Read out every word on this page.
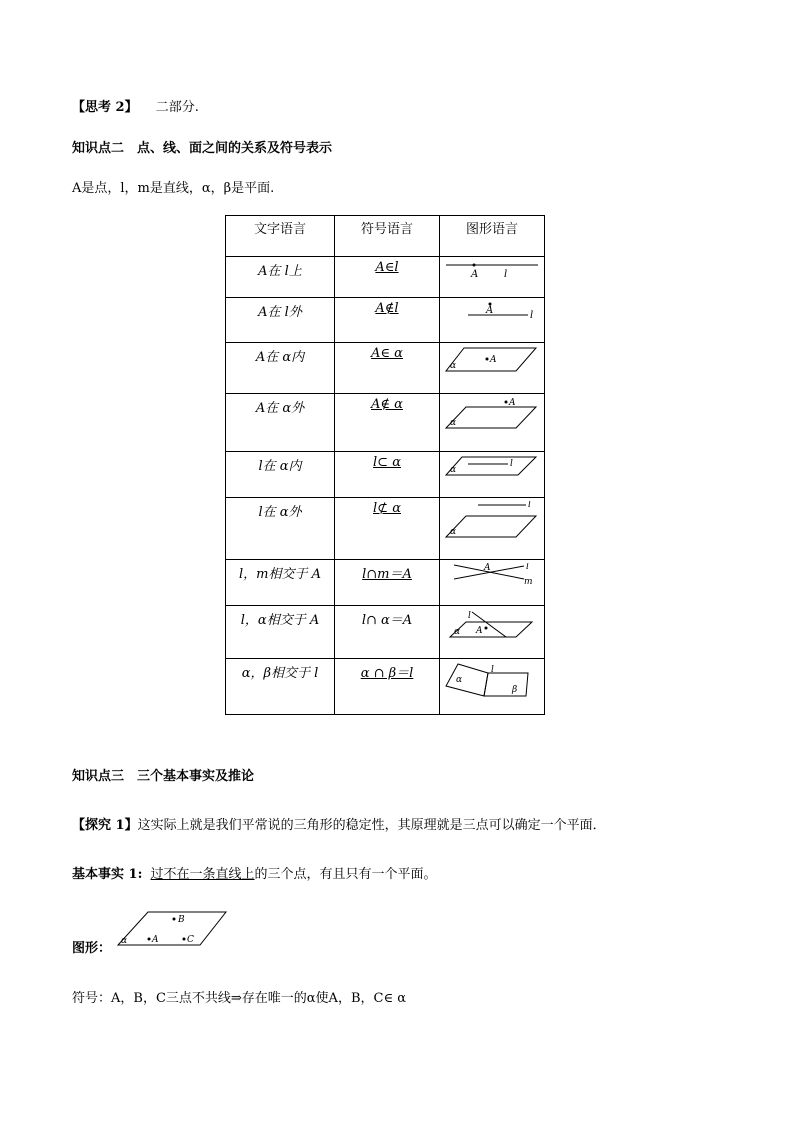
【思考 2】 二部分.
知识点二　点、线、面之间的关系及符号表示
A是点，l，m是直线，α，β是平面.
文字语言	符号语言	图形语言
A在 l上	A∈l	A l

A在 l外	A∉l	A l

A在 α内	A∈ α	A
α

A在 α外	A∉ α	A
α

l在 α内	l⊂ α	l
α

l在 α外	l⊄ α	l
α

l，m相交于 A	l∩m＝A	A l
m

l，α相交于 A	l∩ α＝A	l
A
α

α，β相交于 l	α ∩ β＝l	α
l
β
知识点三　三个基本事实及推论
【探究 1】这实际上就是我们平常说的三角形的稳定性，其原理就是三点可以确定一个平面．
基本事实 1: 过不在一条直线上的三个点，有且只有一个平面。
B
A	C
α
图形：
符号：A，B，C三点不共线⇒存在唯一的α使A，B，C∈ α
